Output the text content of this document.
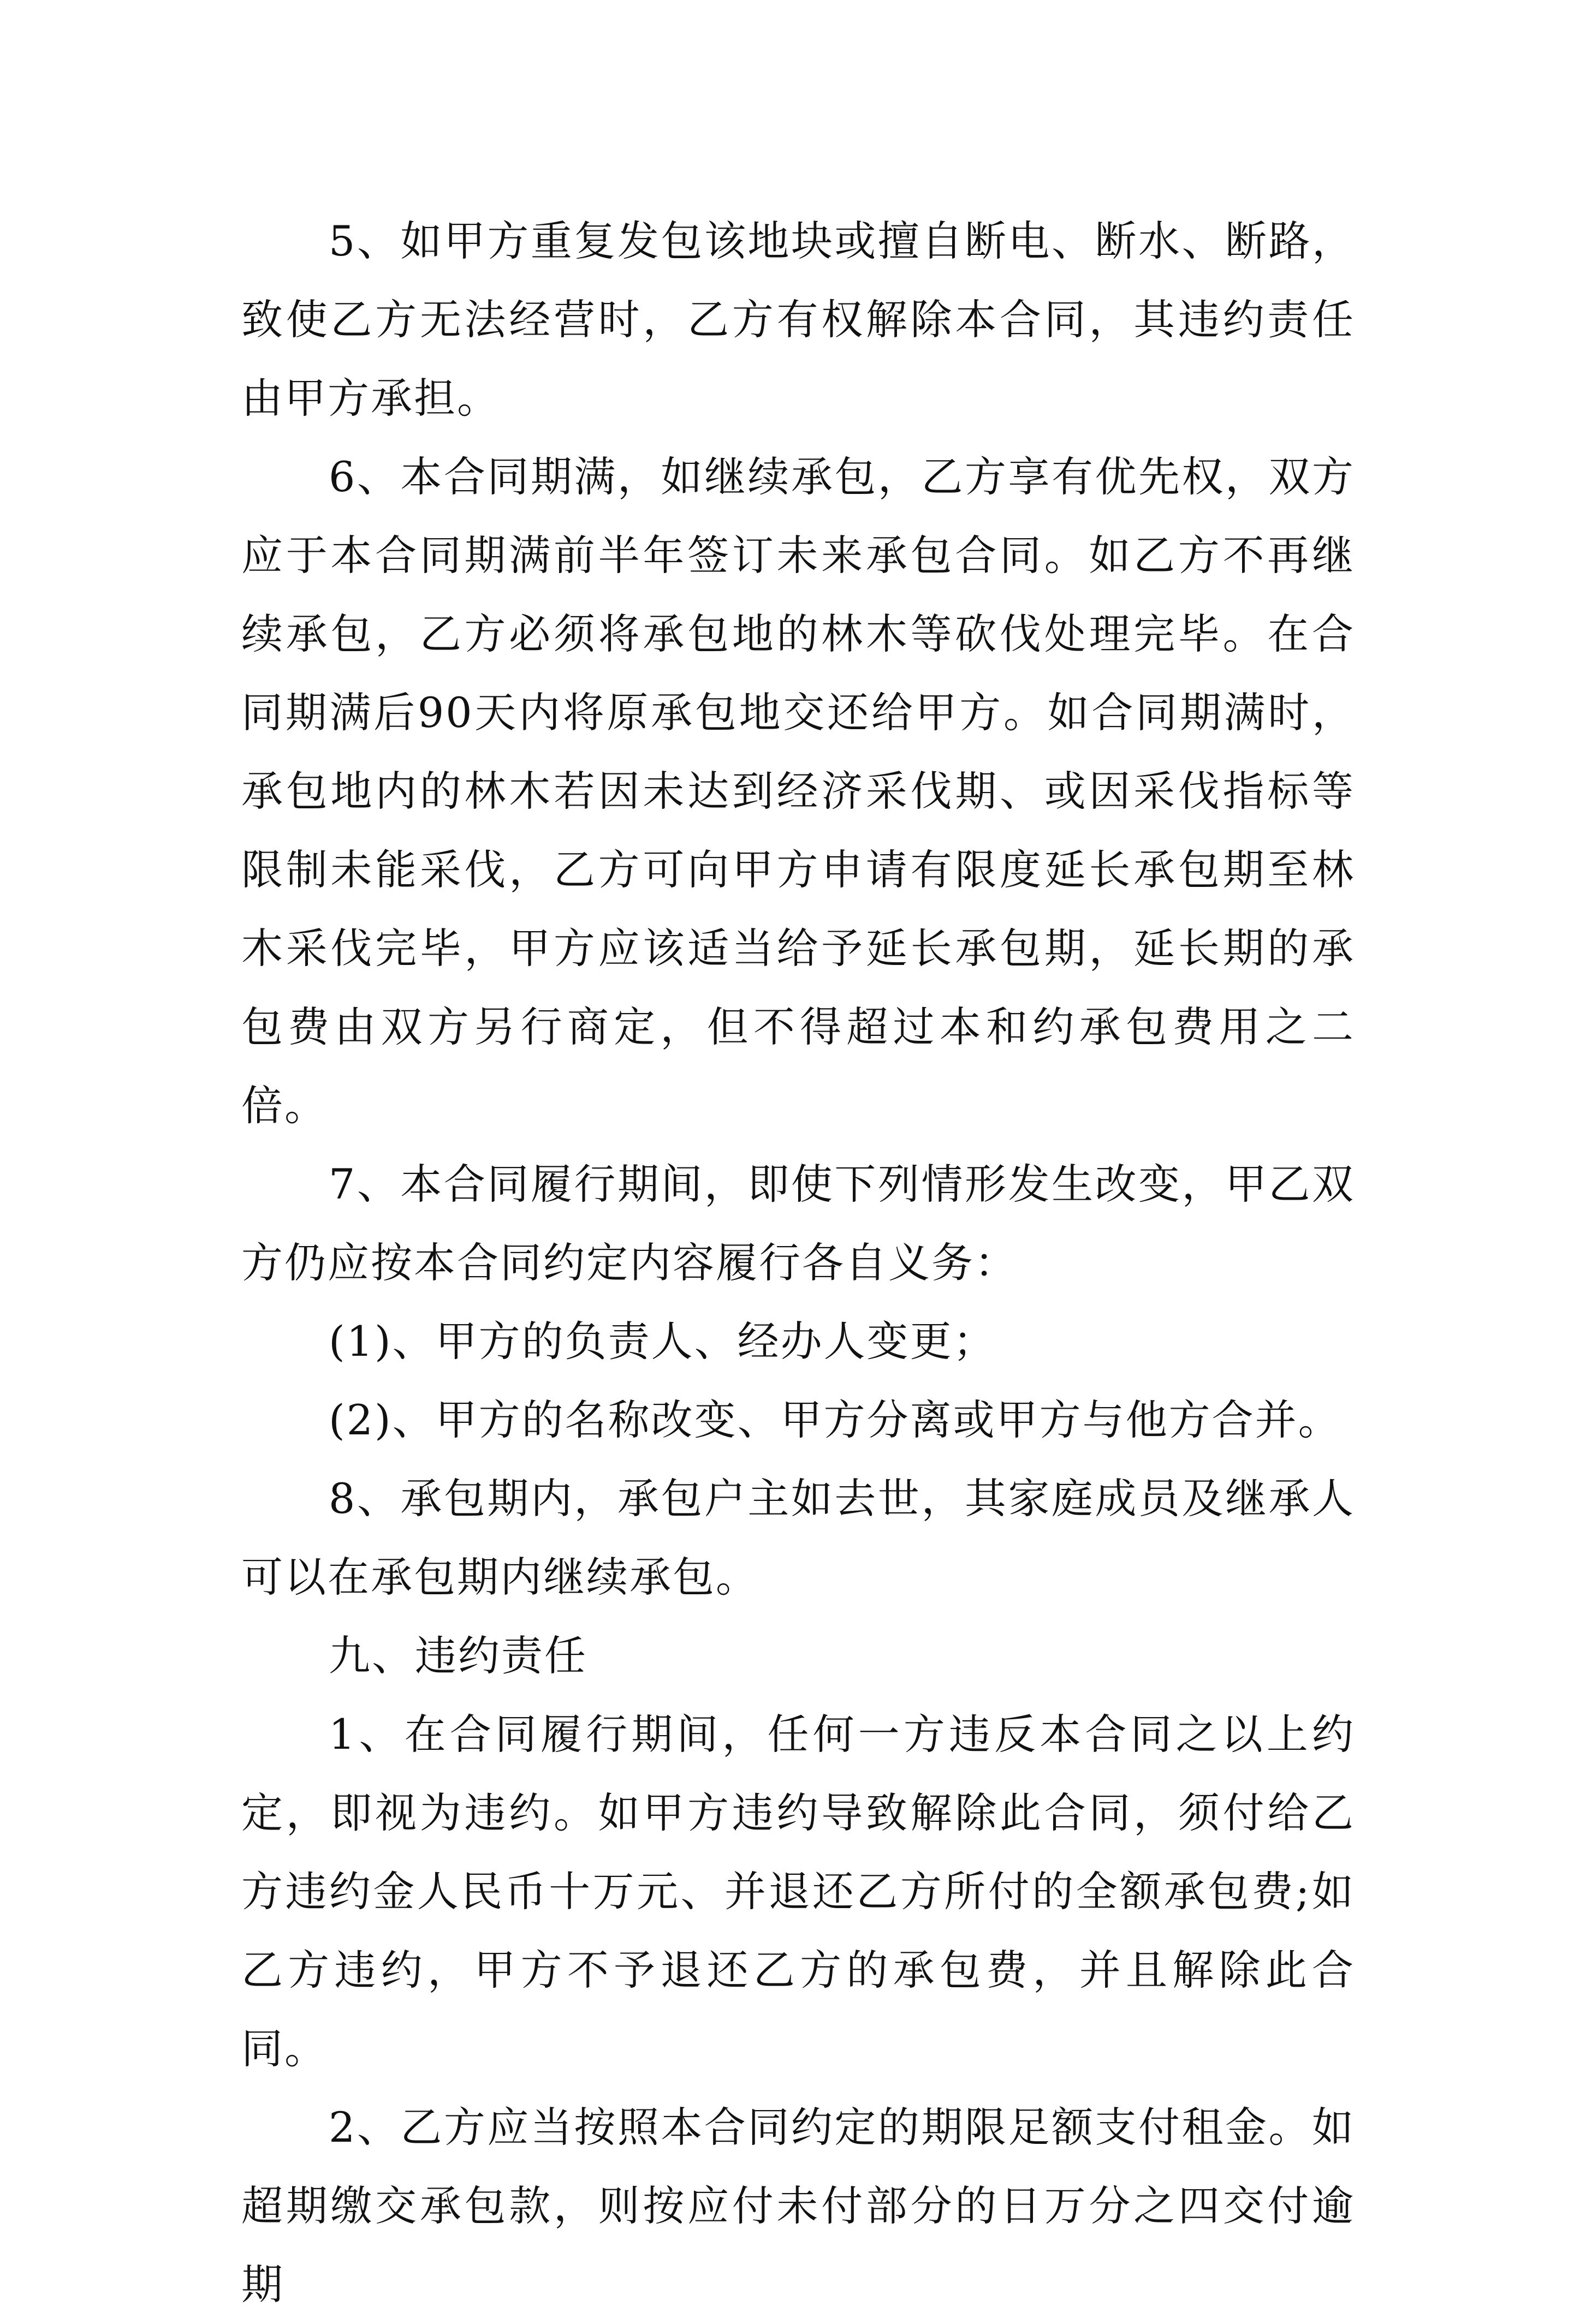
5、如甲方重复发包该地块或擅自断电、断水、断路，致使乙方无法经营时，乙方有权解除本合同，其违约责任由甲方承担。

6、本合同期满，如继续承包，乙方享有优先权，双方应于本合同期满前半年签订未来承包合同。如乙方不再继续承包，乙方必须将承包地的林木等砍伐处理完毕。在合同期满后90天内将原承包地交还给甲方。如合同期满时，承包地内的林木若因未达到经济采伐期、或因采伐指标等限制未能采伐，乙方可向甲方申请有限度延长承包期至林木采伐完毕，甲方应该适当给予延长承包期，延长期的承包费由双方另行商定，但不得超过本和约承包费用之二倍。

7、本合同履行期间，即使下列情形发生改变，甲乙双方仍应按本合同约定内容履行各自义务：

(1)、甲方的负责人、经办人变更；

(2)、甲方的名称改变、甲方分离或甲方与他方合并。

8、承包期内，承包户主如去世，其家庭成员及继承人可以在承包期内继续承包。

九、违约责任

1、在合同履行期间，任何一方违反本合同之以上约定，即视为违约。如甲方违约导致解除此合同，须付给乙方违约金人民币十万元、并退还乙方所付的全额承包费;如乙方违约，甲方不予退还乙方的承包费，并且解除此合同。

2、乙方应当按照本合同约定的期限足额支付租金。如超期缴交承包款，则按应付未付部分的日万分之四交付逾期
